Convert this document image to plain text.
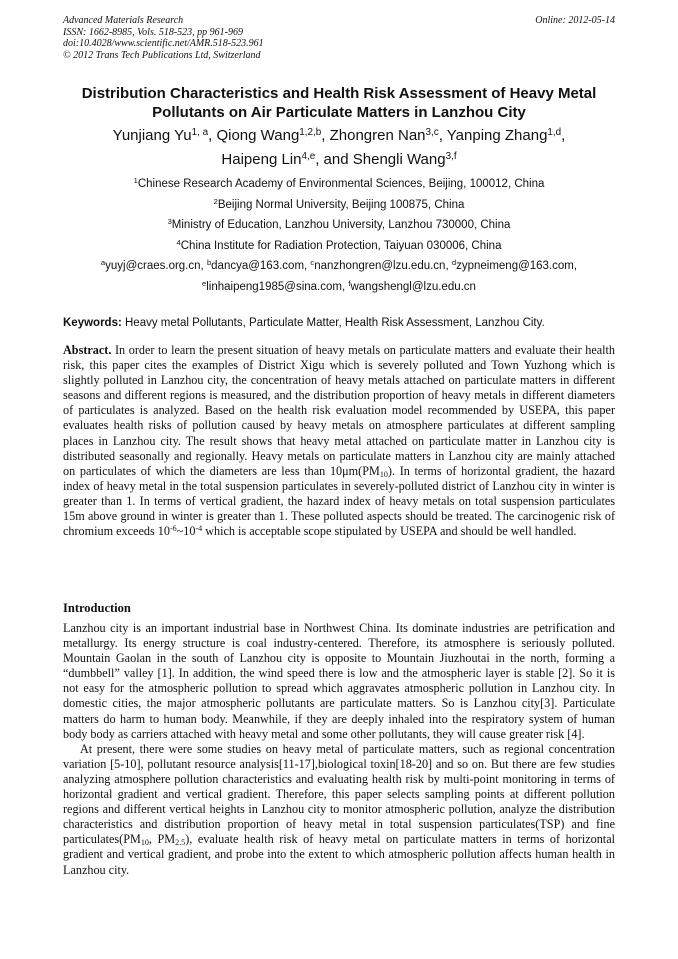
Advanced Materials Research
ISSN: 1662-8985, Vols. 518-523, pp 961-969
doi:10.4028/www.scientific.net/AMR.518-523.961
© 2012 Trans Tech Publications Ltd, Switzerland
Online: 2012-05-14
Distribution Characteristics and Health Risk Assessment of Heavy Metal
Pollutants on Air Particulate Matters in Lanzhou City
Yunjiang Yu$^{1, a}$, Qiong Wang$^{1,2,b}$, Zhongren Nan$^{3,c}$, Yanping Zhang$^{1,d}$,
Haipeng Lin$^{4,e}$, and Shengli Wang$^{3,f}$
$^1$Chinese Research Academy of Environmental Sciences, Beijing, 100012, China
$^2$Beijing Normal University, Beijing 100875, China
$^3$Ministry of Education, Lanzhou University, Lanzhou 730000, China
$^4$China Institute for Radiation Protection, Taiyuan 030006, China
$^a$yuyj@craes.org.cn, $^b$dancya@163.com, $^c$nanzhongren@lzu.edu.cn, $^d$zypneimeng@163.com,
$^e$linhaipeng1985@sina.com, $^f$wangshengl@lzu.edu.cn
Keywords: Heavy metal Pollutants, Particulate Matter, Health Risk Assessment, Lanzhou City.
Abstract. In order to learn the present situation of heavy metals on particulate matters and evaluate their health risk, this paper cites the examples of District Xigu which is severely polluted and Town Yuzhong which is slightly polluted in Lanzhou city, the concentration of heavy metals attached on particulate matters in different seasons and different regions is measured, and the distribution proportion of heavy metals in different diameters of particulates is analyzed. Based on the health risk evaluation model recommended by USEPA, this paper evaluates health risks of pollution caused by heavy metals on atmosphere particulates at different sampling places in Lanzhou city. The result shows that heavy metal attached on particulate matter in Lanzhou city is distributed seasonally and regionally. Heavy metals on particulate matters in Lanzhou city are mainly attached on particulates of which the diameters are less than $10\mu m(PM_{10})$. In terms of horizontal gradient, the hazard index of heavy metal in the total suspension particulates in severely-polluted district of Lanzhou city in winter is greater than 1. In terms of vertical gradient, the hazard index of heavy metals on total suspension particulates 15m above ground in winter is greater than 1. These polluted aspects should be treated. The carcinogenic risk of chromium exceeds $10^{-6}\sim 10^{-4}$ which is acceptable scope stipulated by USEPA and should be well handled.
Introduction

Lanzhou city is an important industrial base in Northwest China. Its dominate industries are petrification and metallurgy. Its energy structure is coal industry-centered. Therefore, its atmosphere is seriously polluted. Mountain Gaolan in the south of Lanzhou city is opposite to Mountain Jiuzhoutai in the north, forming a “dumbbell” valley [1]. In addition, the wind speed there is low and the atmospheric layer is stable [2]. So it is not easy for the atmospheric pollution to spread which aggravates atmospheric pollution in Lanzhou city. In domestic cities, the major atmospheric pollutants are particulate matters. So is Lanzhou city[3]. Particulate matters do harm to human body. Meanwhile, if they are deeply inhaled into the respiratory system of human body body as carriers attached with heavy metal and some other pollutants, they will cause greater risk [4].

At present, there were some studies on heavy metal of particulate matters, such as regional concentration variation [5-10], pollutant resource analysis[11-17],biological toxin[18-20] and so on. But there are few studies analyzing atmosphere pollution characteristics and evaluating health risk by multi-point monitoring in terms of horizontal gradient and vertical gradient. Therefore, this paper selects sampling points at different pollution regions and different vertical heights in Lanzhou city to monitor atmospheric pollution, analyze the distribution characteristics and distribution proportion of heavy metal in total suspension particulates(TSP) and fine $particulates(PM_{10}$, $PM_{2.5}$), evaluate health risk of heavy metal on particulate matters in terms of horizontal gradient and vertical gradient, and probe into the extent to which atmospheric pollution affects human health in Lanzhou city.
